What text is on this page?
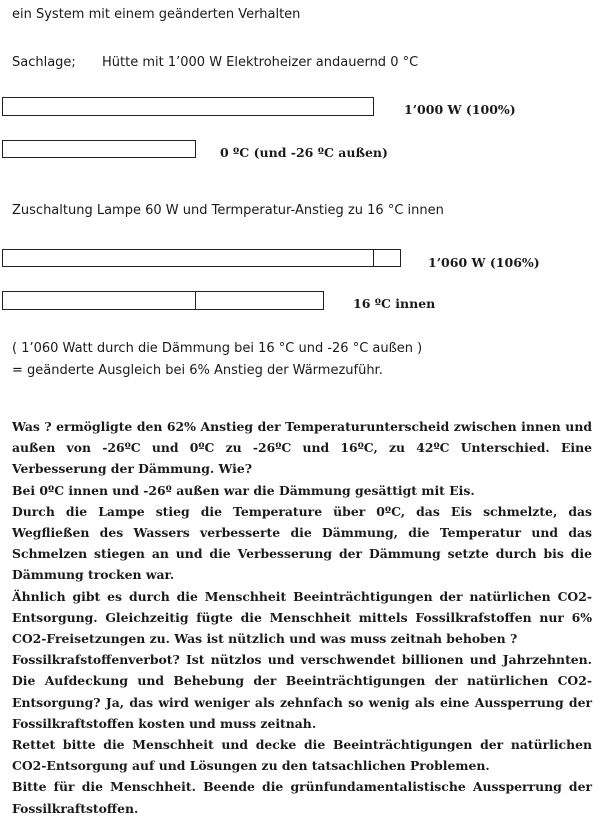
ein System mit einem geänderten Verhalten
Sachlage; Hütte mit 1’000 W Elektroheizer andauernd 0 °C
1’000 W (100%)
0 ºC (und -26 ºC außen)
Zuschaltung Lampe 60 W und Termperatur-Anstieg zu 16 °C innen
1’060 W (106%)
16 ºC innen
( 1’060 Watt durch die Dämmung bei 16 °C und -26 °C außen )
= geänderte Ausgleich bei 6% Anstieg der Wärmezuführ.

Was ? ermögligte den 62% Anstieg der Temperaturunterscheid zwischen innen und außen von -26ºC und 0ºC zu -26ºC und 16ºC, zu 42ºC Unterschied. Eine Verbesserung der Dämmung. Wie?

Bei 0ºC innen und -26º außen war die Dämmung gesättigt mit Eis.

Durch die Lampe stieg die Temperature über 0ºC, das Eis schmelzte, das Wegfließen des Wassers verbesserte die Dämmung, die Temperatur und das Schmelzen stiegen an und die Verbesserung der Dämmung setzte durch bis die Dämmung trocken war.

Ähnlich gibt es durch die Menschheit Beeinträchtigungen der natürlichen CO2-Entsorgung. Gleichzeitig fügte die Menschheit mittels Fossilkrafstoffen nur 6% CO2-Freisetzungen zu. Was ist nützlich und was muss zeitnah behoben ?

Fossilkrafstoffenverbot? Ist nützlos und verschwendet billionen und Jahrzehnten. Die Aufdeckung und Behebung der Beeinträchtigungen der natürlichen CO2-Entsorgung? Ja, das wird weniger als zehnfach so wenig als eine Aussperrung der Fossilkraftstoffen kosten und muss zeitnah.

Rettet bitte die Menschheit und decke die Beeinträchtigungen der natürlichen CO2-Entsorgung auf und Lösungen zu den tatsachlichen Problemen.

Bitte für die Menschheit. Beende die grünfundamentalistische Aussperrung der Fossilkraftstoffen.
